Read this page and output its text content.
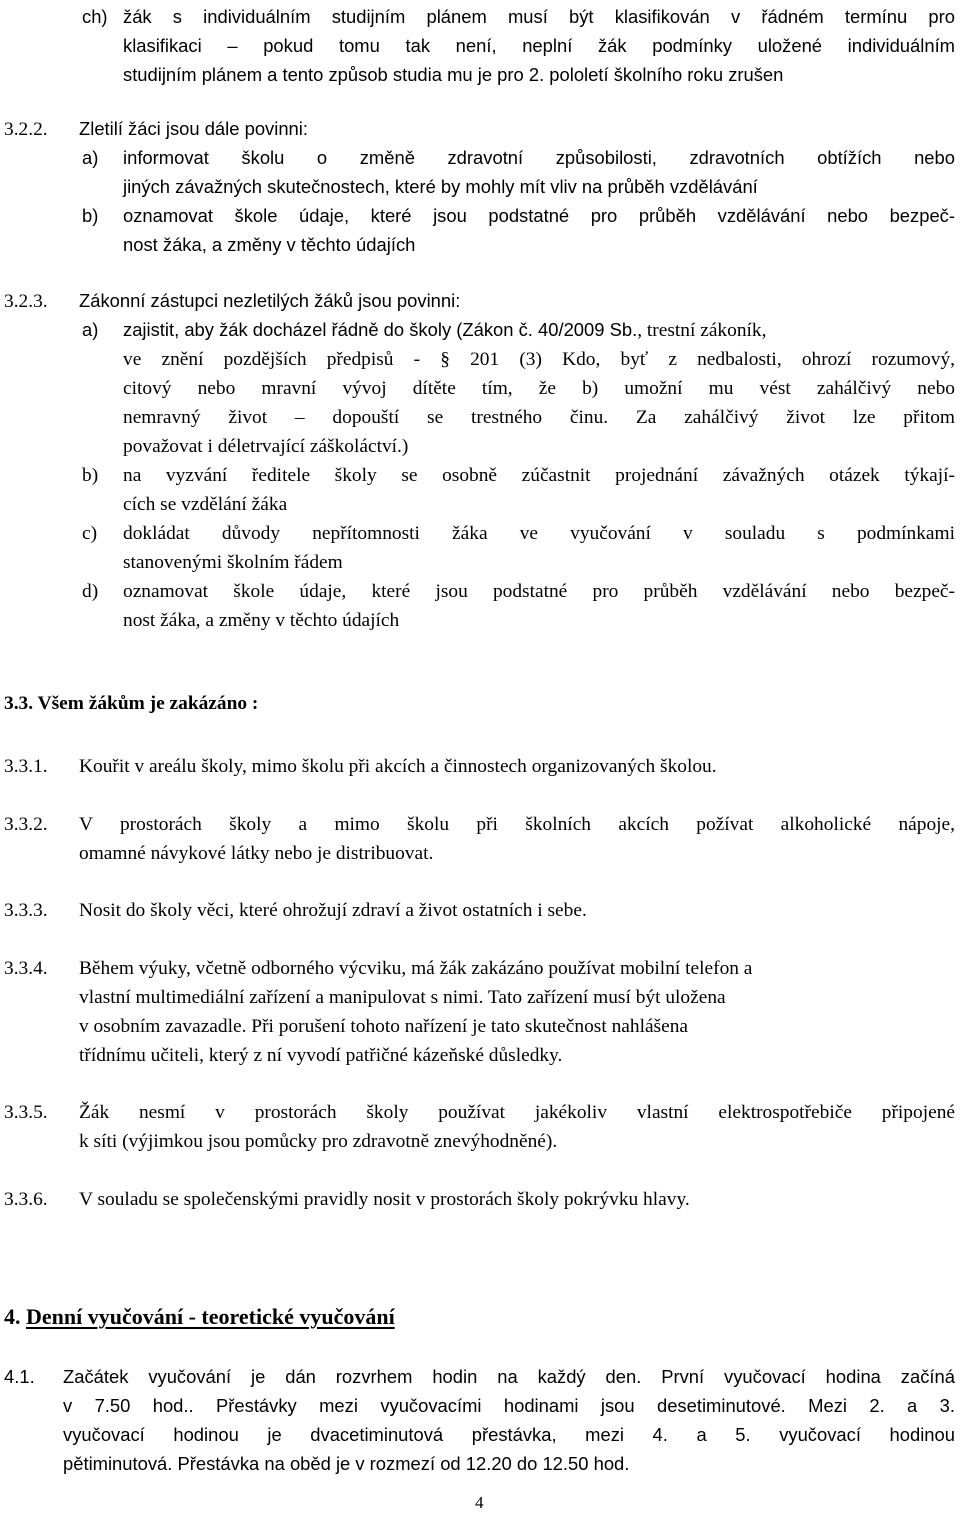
ch) žák s individuálním studijním plánem musí být klasifikován v řádném termínu pro
klasifikaci – pokud tomu tak není, neplní žák podmínky uložené individuálním
studijním plánem a tento způsob studia mu je pro 2. pololetí školního roku zrušen
3.2.2. Zletilí žáci jsou dále povinni:
a) informovat školu o změně zdravotní způsobilosti, zdravotních obtížích nebo
jiných závažných skutečnostech, které by mohly mít vliv na průběh vzdělávání
b) oznamovat škole údaje, které jsou podstatné pro průběh vzdělávání nebo bezpeč-
nost žáka, a změny v těchto údajích
3.2.3. Zákonní zástupci nezletilých žáků jsou povinni:
a) zajistit, aby žák docházel řádně do školy (Zákon č. 40/2009 Sb., trestní zákoník,
ve znění pozdějších předpisů - § 201 (3) Kdo, byť z nedbalosti, ohrozí rozumový,
citový nebo mravní vývoj dítěte tím, že b) umožní mu vést zahálčivý nebo
nemravný život – dopouští se trestného činu. Za zahálčivý život lze přitom
považovat i déletrvající záškoláctví.)
b) na vyzvání ředitele školy se osobně zúčastnit projednání závažných otázek týkají-
cích se vzdělání žáka
c) dokládat důvody nepřítomnosti žáka ve vyučování v souladu s podmínkami
stanovenými školním řádem
d) oznamovat škole údaje, které jsou podstatné pro průběh vzdělávání nebo bezpeč-
nost žáka, a změny v těchto údajích
3.3. Všem žákům je zakázáno :
3.3.1. Kouřit v areálu školy, mimo školu při akcích a činnostech organizovaných školou.
3.3.2. V prostorách školy a mimo školu při školních akcích požívat alkoholické nápoje,
omamné návykové látky nebo je distribuovat.
3.3.3. Nosit do školy věci, které ohrožují zdraví a život ostatních i sebe.
3.3.4. Během výuky, včetně odborného výcviku, má žák zakázáno používat mobilní telefon a
vlastní multimediální zařízení a manipulovat s nimi. Tato zařízení musí být uložena
v osobním zavazadle. Při porušení tohoto nařízení je tato skutečnost nahlášena
třídnímu učiteli, který z ní vyvodí patřičné kázeňské důsledky.
3.3.5. Žák nesmí v prostorách školy používat jakékoliv vlastní elektrospotřebiče připojené
k síti (výjimkou jsou pomůcky pro zdravotně znevýhodněné).
3.3.6. V souladu se společenskými pravidly nosit v prostorách školy pokrývku hlavy.
4. Denní vyučování - teoretické vyučování
4.1. Začátek vyučování je dán rozvrhem hodin na každý den. První vyučovací hodina začíná
v 7.50 hod.. Přestávky mezi vyučovacími hodinami jsou desetiminutové. Mezi 2. a 3.
vyučovací hodinou je dvacetiminutová přestávka, mezi 4. a 5. vyučovací hodinou
pětiminutová. Přestávka na oběd je v rozmezí od 12.20 do 12.50 hod.
4
